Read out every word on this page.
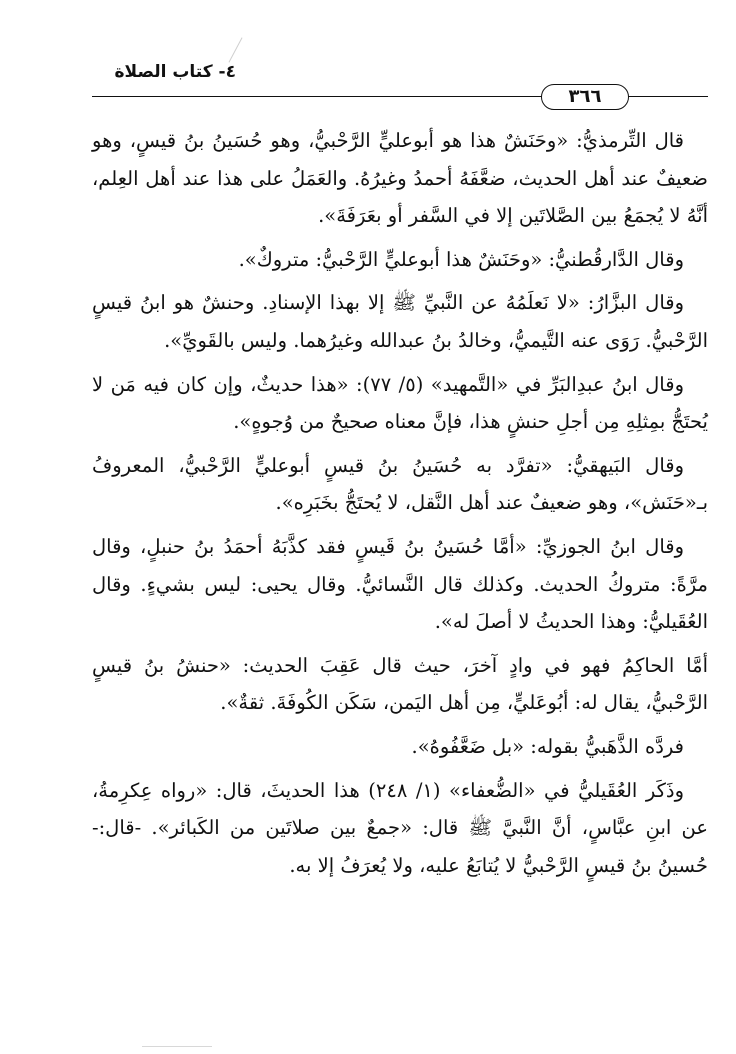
٤- كتاب الصلاة
٣٦٦

قال التِّرمذيُّ: «وحَنَشٌ هذا هو أبوعليٍّ الرَّحْبيُّ، وهو حُسَينُ بنُ قيسٍ، وهو ضعيفٌ عند أهل الحديث، ضعَّفَهُ أحمدُ وغيرُهُ. والعَمَلُ على هذا عند أهل العِلم، أنَّهُ لا يُجمَعُ بين الصَّلاتَين إلا في السَّفر أو بعَرَفَةَ».

وقال الدَّارقُطنيُّ: «وحَنَشٌ هذا أبوعليٍّ الرَّحْبيُّ: متروكٌ».

وقال البزَّارُ: «لا نَعلَمُهُ عن النَّبيِّ ﷺ إلا بهذا الإسنادِ. وحنشٌ هو ابنُ قيسٍ الرَّحْبيُّ. رَوَى عنه التَّيميُّ، وخالدُ بنُ عبدالله وغيرُهما. وليس بالقَويِّ».

وقال ابنُ عبدِالبَرِّ في «التَّمهيد» (٥/ ٧٧): «هذا حديثٌ، وإن كان فيه مَن لا يُحتَجُّ بمِثلِهِ مِن أجلِ حنشٍ هذا، فإنَّ معناه صحيحٌ من وُجوهٍ».

وقال البَيهقيُّ: «تفرَّد به حُسَينُ بنُ قيسٍ أبوعليٍّ الرَّحْبيُّ، المعروفُ بـ«حَنَش»، وهو ضعيفٌ عند أهل النَّقل، لا يُحتَجُّ بخَبَرِه».

وقال ابنُ الجوزيِّ: «أمَّا حُسَينُ بنُ قَيسٍ فقد كذَّبَهُ أحمَدُ بنُ حنبلٍ، وقال مرَّةً: متروكُ الحديث. وكذلك قال النَّسائيُّ. وقال يحيى: ليس بشيءٍ. وقال العُقَيليُّ: وهذا الحديثُ لا أصلَ له».

أمَّا الحاكِمُ فهو في وادٍ آخرَ، حيث قال عَقِبَ الحديث: «حنشُ بنُ قيسٍ الرَّحْبيُّ، يقال له: أبُوعَليٍّ، مِن أهل اليَمن، سَكَن الكُوفَةَ. ثقةٌ».

فردَّه الذَّهَبيُّ بقوله: «بل ضَعَّفُوهُ».

وذَكَر العُقَيليُّ في «الضُّعفاء» (١/ ٢٤٨) هذا الحديثَ، قال: «رواه عِكرِمةُ، عن ابنِ عبَّاسٍ، أنَّ النَّبيَّ ﷺ قال: «جمعٌ بين صلاتَين من الكَبائر». -قال:-حُسينُ بنُ قيسٍ الرَّحْبيُّ لا يُتابَعُ عليه، ولا يُعرَفُ إلا به.
